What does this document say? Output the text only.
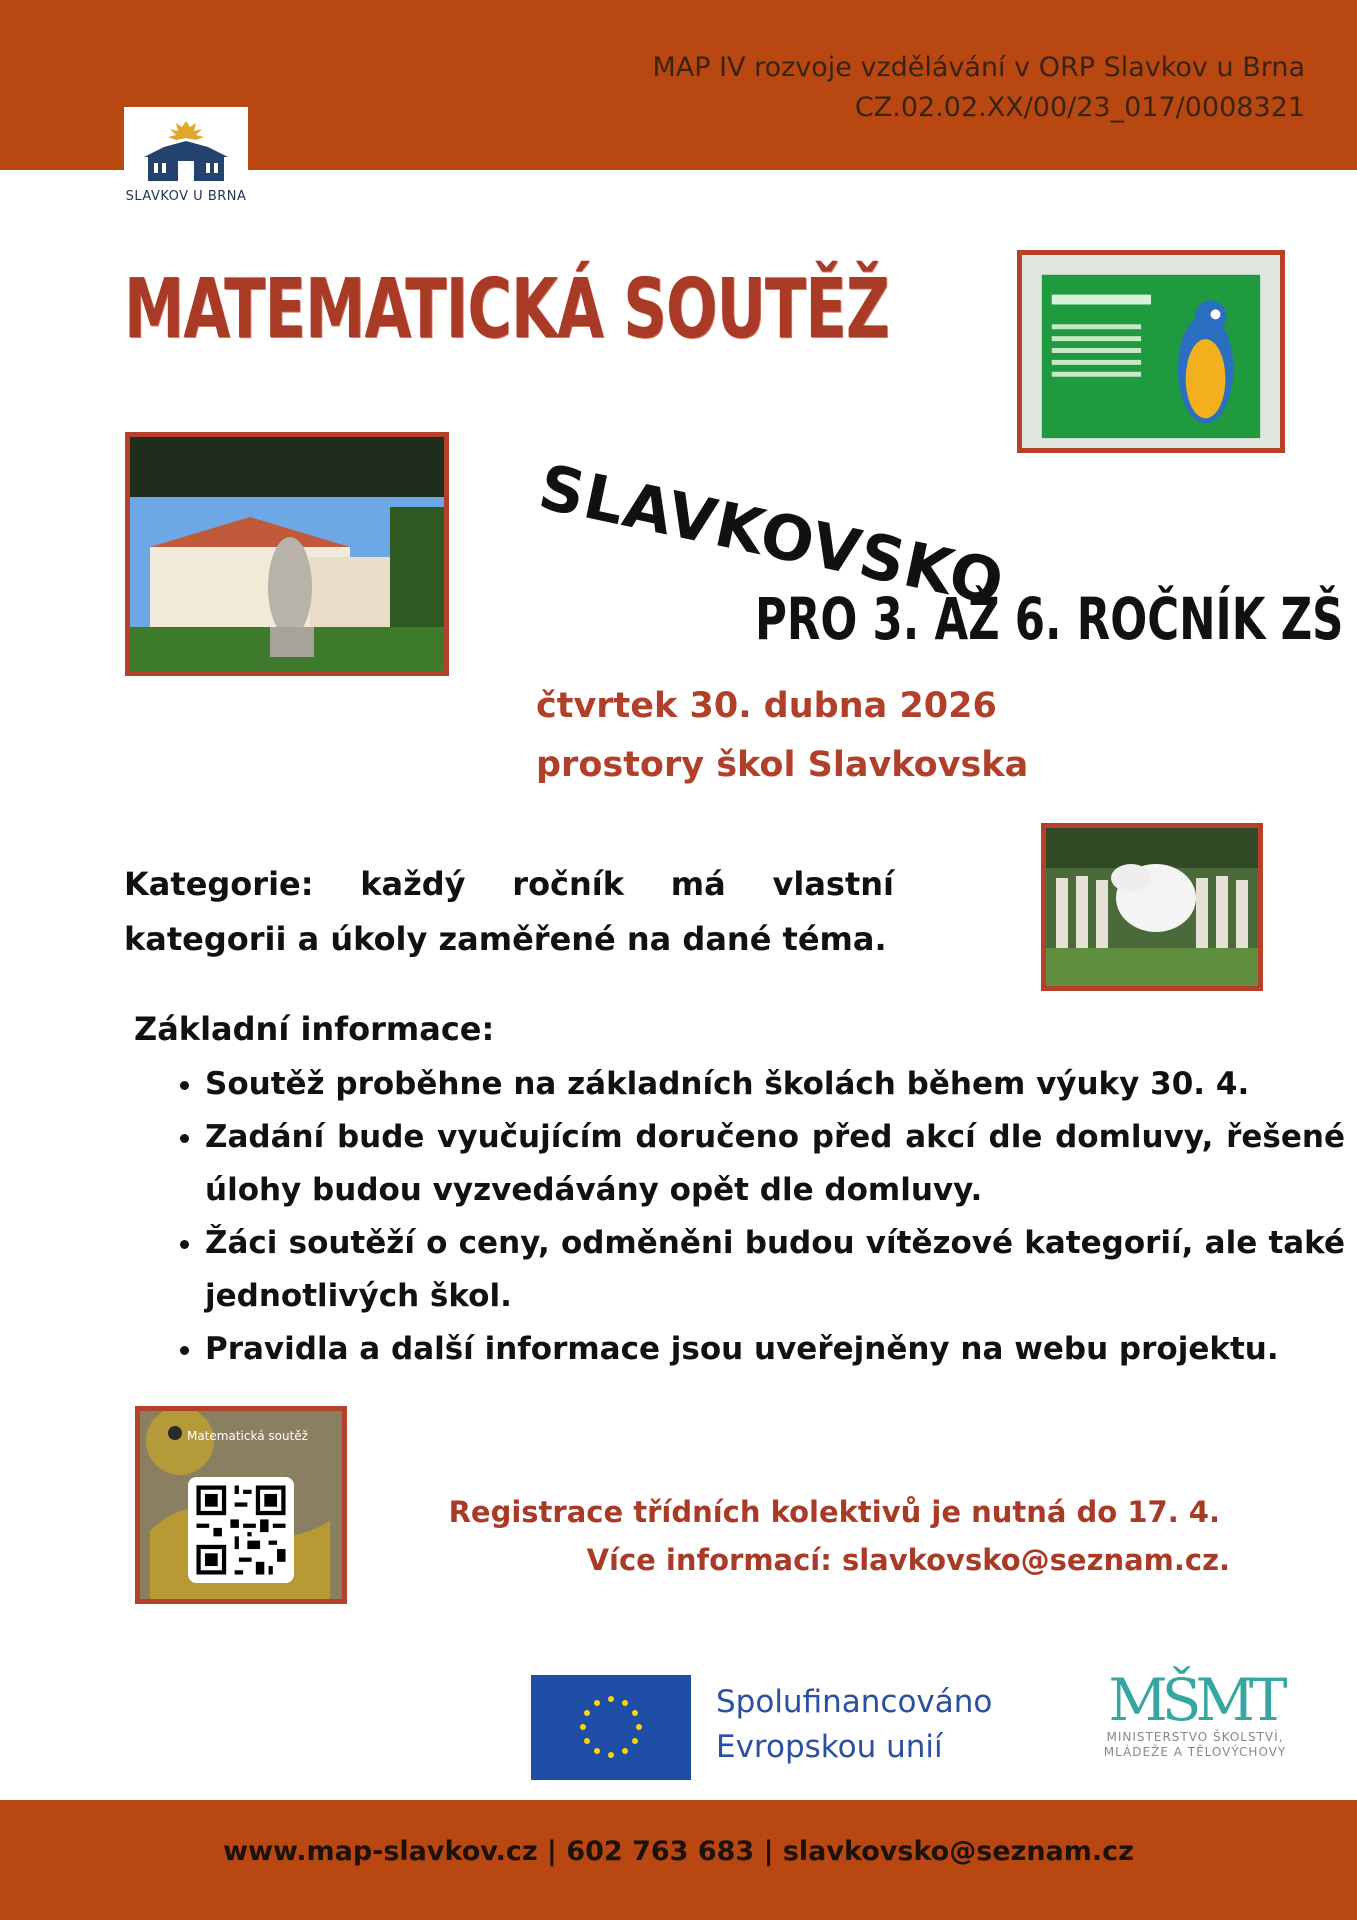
MAP IV rozvoje vzdělávání v ORP Slavkov u Brna
CZ.02.02.XX/00/23_017/0008321
SLAVKOV U BRNA
MATEMATICKÁ SOUTĚŽ
SLAVKOVSKO
PRO 3. AŽ 6. ROČNÍK ZŠ
čtvrtek 30. dubna 2026
prostory škol Slavkovska
Kategorie: každý ročník má vlastní kategorii a úkoly zaměřené na dané téma.
Základní informace:
• Soutěž proběhne na základních školách během výuky 30. 4.
• Zadání bude vyučujícím doručeno před akcí dle domluvy, řešené úlohy budou vyzvedávány opět dle domluvy.
• Žáci soutěží o ceny, odměněni budou vítězové kategorií, ale také jednotlivých škol.
• Pravidla a další informace jsou uveřejněny na webu projektu.
Matematická soutěž
Registrace třídních kolektivů je nutná do 17. 4.
Více informací: slavkovsko@seznam.cz.
Spolufinancováno
Evropskou unií
MŠMT
MINISTERSTVO ŠKOLSTVÍ,
MLÁDEŽE A TĚLOVÝCHOVY
www.map-slavkov.cz | 602 763 683 | slavkovsko@seznam.cz
